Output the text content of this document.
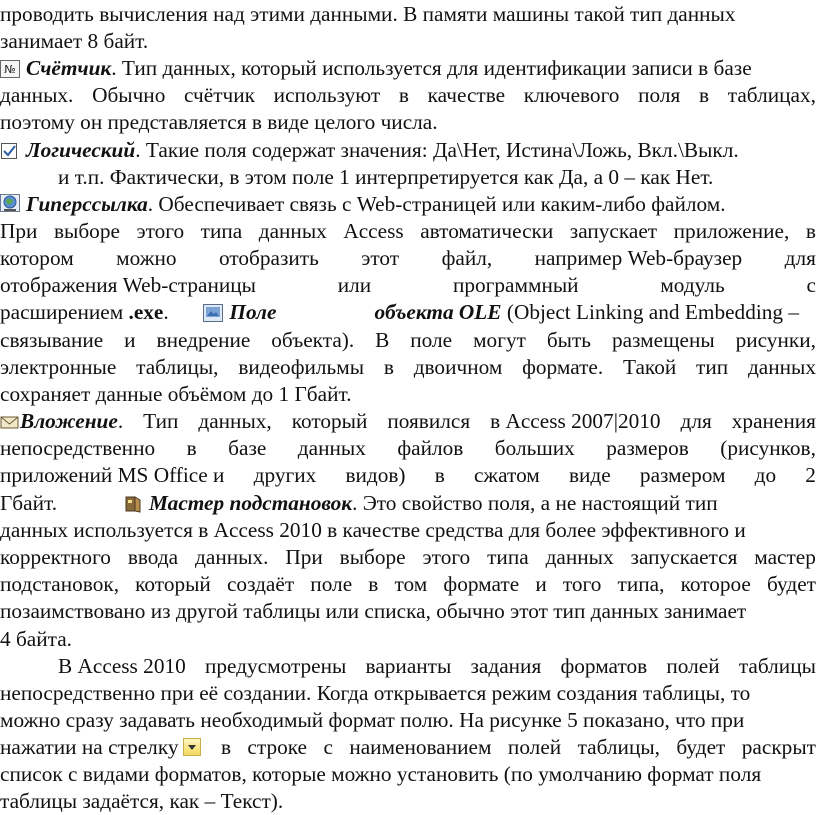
проводить вычисления над этими данными. В памяти машины такой тип данных
занимает 8 байт.
№ Счётчик. Тип данных, который используется для идентификации записи в базе
данных. Обычно счётчик используют в качестве ключевого поля в таблицах,
поэтому он представляется в виде целого числа.
Логический. Такие поля содержат значения: Да\Нет, Истина\Ложь, Вкл.\Выкл.
и т.п. Фактически, в этом поле 1 интерпретируется как Да, а 0 – как Нет.
Гиперссылка. Обеспечивает связь с Web-страницей или каким-либо файлом.
При выборе этого типа данных Access автоматически запускает приложение, в
котором можно отобразить этот файл, например Web-браузер для
отображения Web-страницы	или	программный	модуль	с
расширением .exe.	Поле	объекта OLE (Object Linking and Embedding –
связывание и внедрение объекта). В поле могут быть размещены рисунки,
электронные таблицы, видеофильмы в двоичном формате. Такой тип данных
сохраняет данные объёмом до 1 Гбайт.
Вложение. Тип данных, который появился в Access 2007|2010 для хранения
непосредственно в базе данных файлов больших размеров (рисунков,
приложений MS Office и других видов) в сжатом виде размером до 2
Гбайт.	Мастер подстановок. Это свойство поля, а не настоящий тип
данных используется в Access 2010 в качестве средства для более эффективного и
корректного ввода данных. При выборе этого типа данных запускается мастер
подстановок, который создаёт поле в том формате и того типа, которое будет
позаимствовано из другой таблицы или списка, обычно этот тип данных занимает
4 байта.
В Access 2010 предусмотрены варианты задания форматов полей таблицы
непосредственно при её создании. Когда открывается режим создания таблицы, то
можно сразу задавать необходимый формат полю. На рисунке 5 показано, что при
нажатии на стрелку	в строке с наименованием полей таблицы, будет раскрыт
список с видами форматов, которые можно установить (по умолчанию формат поля
таблицы задаётся, как – Текст).
